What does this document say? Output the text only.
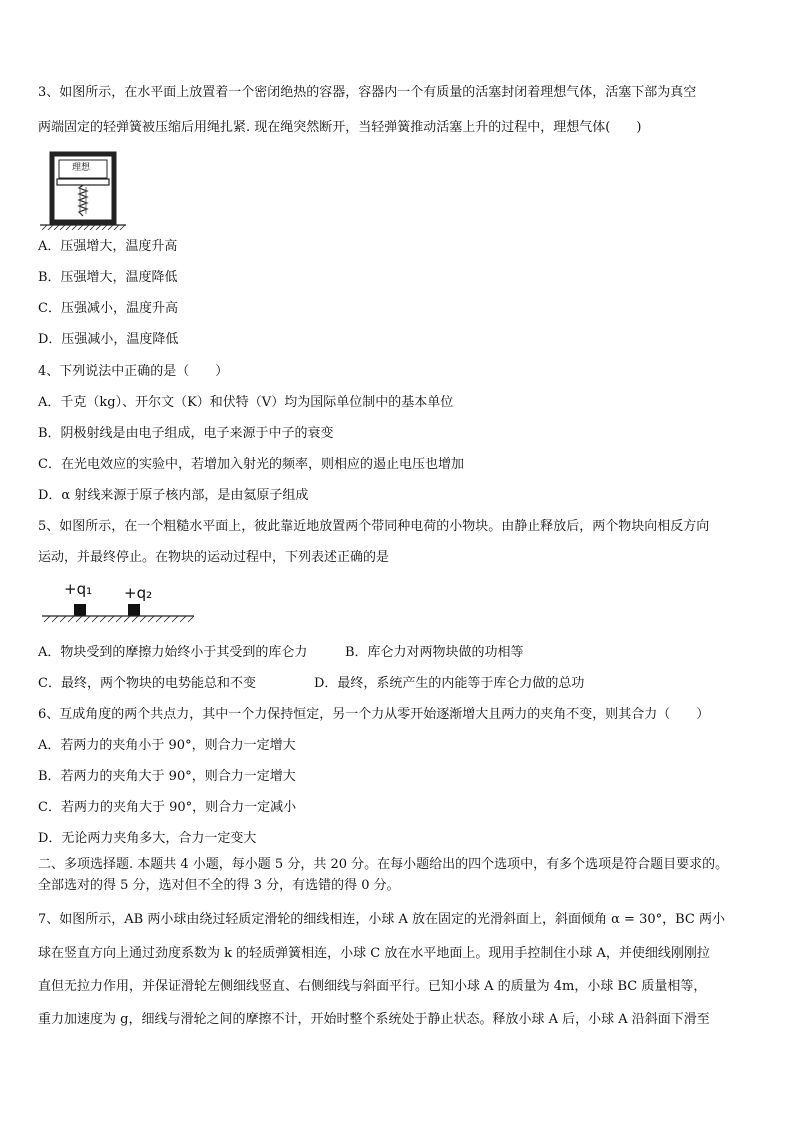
3、如图所示，在水平面上放置着一个密闭绝热的容器，容器内一个有质量的活塞封闭着理想气体，活塞下部为真空
两端固定的轻弹簧被压缩后用绳扎紧. 现在绳突然断开，当轻弹簧推动活塞上升的过程中，理想气体(　　)
理想
A．压强增大，温度升高
B．压强增大，温度降低
C．压强减小，温度升高
D．压强减小，温度降低
4、下列说法中正确的是（　　）
A．千克（kg）、开尔文（K）和伏特（V）均为国际单位制中的基本单位
B．阴极射线是由电子组成，电子来源于中子的衰变
C．在光电效应的实验中，若增加入射光的频率，则相应的遏止电压也增加
D．α 射线来源于原子核内部，是由氦原子组成
5、如图所示，在一个粗糙水平面上，彼此靠近地放置两个带同种电荷的小物块。由静止释放后，两个物块向相反方向
运动，并最终停止。在物块的运动过程中，下列表述正确的是
+q₁ +q₂
A．物块受到的摩擦力始终小于其受到的库仑力	B．库仑力对两物块做的功相等
C．最终，两个物块的电势能总和不变	D．最终，系统产生的内能等于库仑力做的总功
6、互成角度的两个共点力，其中一个力保持恒定，另一个力从零开始逐渐增大且两力的夹角不变，则其合力（　　）
A．若两力的夹角小于 90°，则合力一定增大
B．若两力的夹角大于 90°，则合力一定增大
C．若两力的夹角大于 90°，则合力一定减小
D．无论两力夹角多大，合力一定变大
二、多项选择题. 本题共 4 小题，每小题 5 分，共 20 分。在每小题给出的四个选项中，有多个选项是符合题目要求的。
全部选对的得 5 分，选对但不全的得 3 分，有选错的得 0 分。
7、如图所示，AB 两小球由绕过轻质定滑轮的细线相连，小球 A 放在固定的光滑斜面上，斜面倾角 α = 30°，BC 两小
球在竖直方向上通过劲度系数为 k 的轻质弹簧相连，小球 C 放在水平地面上。现用手控制住小球 A，并使细线刚刚拉
直但无拉力作用，并保证滑轮左侧细线竖直、右侧细线与斜面平行。已知小球 A 的质量为 4m，小球 BC 质量相等，
重力加速度为 g，细线与滑轮之间的摩擦不计，开始时整个系统处于静止状态。释放小球 A 后，小球 A 沿斜面下滑至
